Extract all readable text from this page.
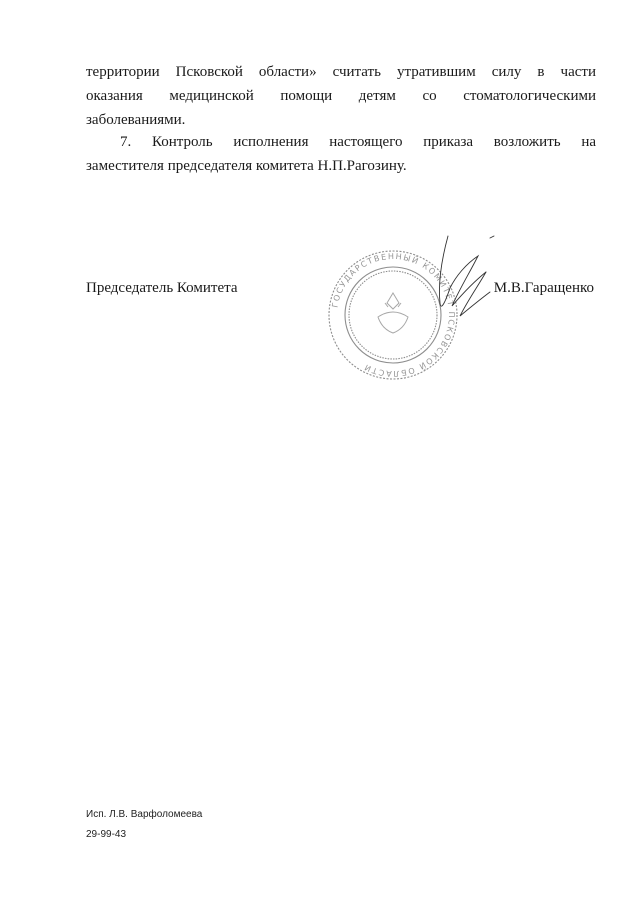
территории Псковской области» считать утратившим силу в части
оказания медицинской помощи детям со стоматологическими
заболеваниями.
7. Контроль исполнения настоящего приказа возложить на
заместителя председателя комитета Н.П.Рагозину.
Председатель Комитета	М.В.Гаращенко
ГОСУДАРСТВЕННЫЙ КОМИТЕТ ПСКОВСКОЙ ОБЛАСТИ
Исп. Л.В. Варфоломеева
29-99-43
